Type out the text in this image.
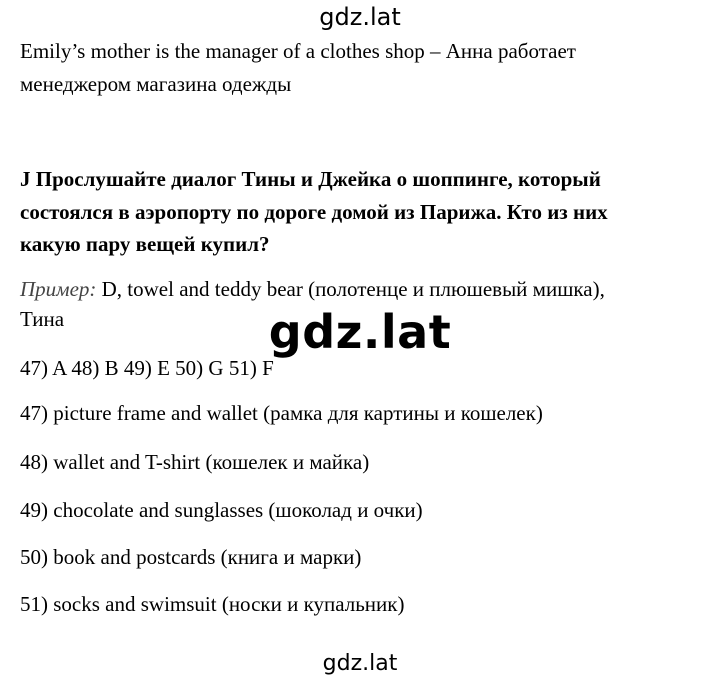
gdz.lat
Emily’s mother is the manager of a clothes shop – Анна работает
менеджером магазина одежды
J Прослушайте диалог Тины и Джейка о шоппинге, который
состоялся в аэропорту по дороге домой из Парижа. Кто из них
какую пару вещей купил?
Пример: D, towel and teddy bear (полотенце и плюшевый мишка),
Тина	gdz.lat
47) A 48) B 49) E 50) G 51) F
47) picture frame and wallet (рамка для картины и кошелек)
48) wallet and T-shirt (кошелек и майка)
49) chocolate and sunglasses (шоколад и очки)
50) book and postcards (книга и марки)
51) socks and swimsuit (носки и купальник)
gdz.lat
